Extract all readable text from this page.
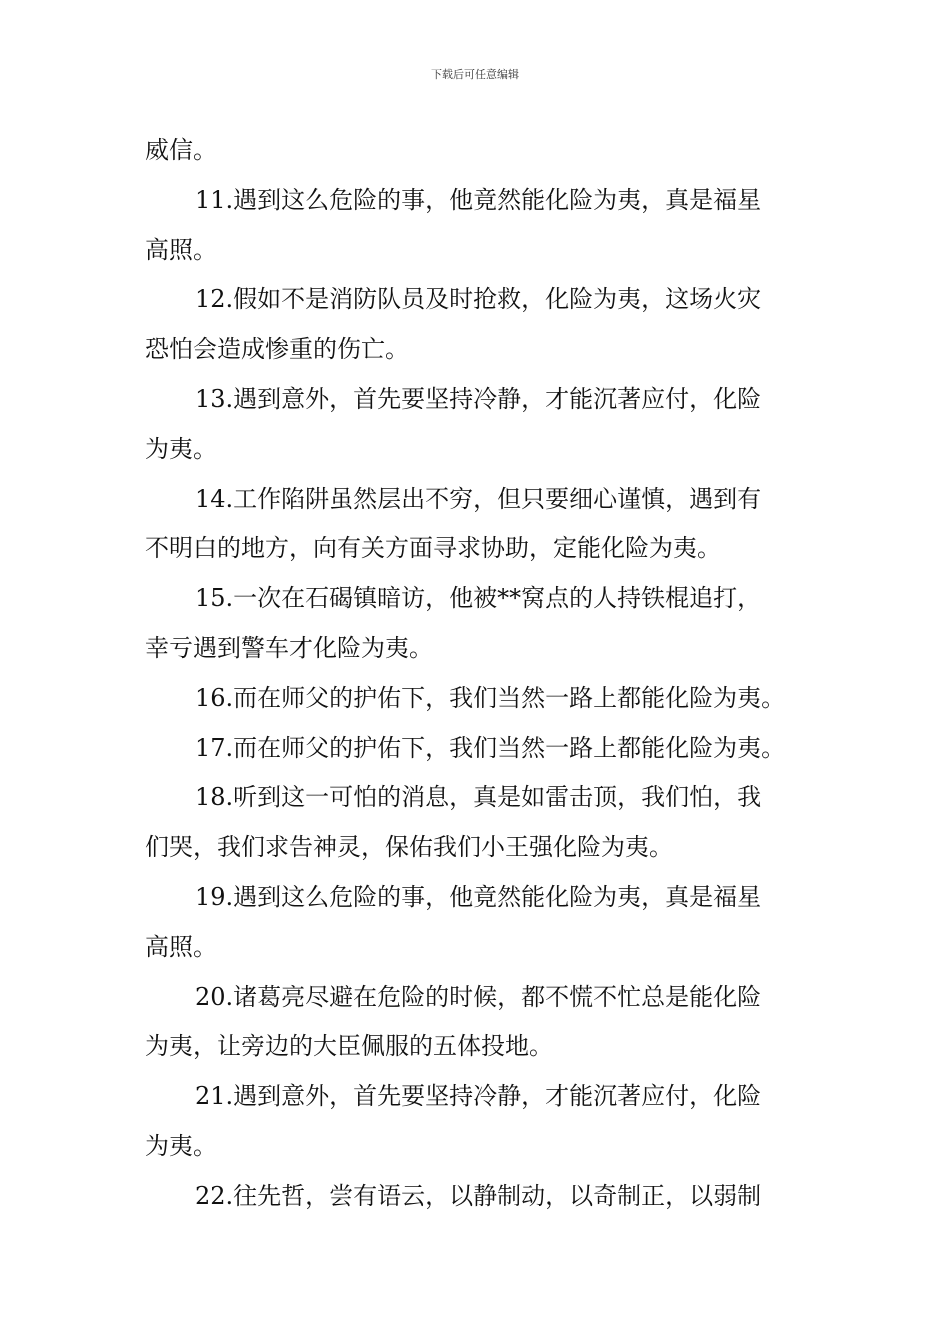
下载后可任意编辑
威信。
11.遇到这么危险的事，他竟然能化险为夷，真是福星
高照。
12.假如不是消防队员及时抢救，化险为夷，这场火灾
恐怕会造成惨重的伤亡。
13.遇到意外，首先要坚持冷静，才能沉著应付，化险
为夷。
14.工作陷阱虽然层出不穷，但只要细心谨慎，遇到有
不明白的地方，向有关方面寻求协助，定能化险为夷。
15.一次在石碣镇暗访，他被**窝点的人持铁棍追打，
幸亏遇到警车才化险为夷。
16.而在师父的护佑下，我们当然一路上都能化险为夷。
17.而在师父的护佑下，我们当然一路上都能化险为夷。
18.听到这一可怕的消息，真是如雷击顶，我们怕，我
们哭，我们求告神灵，保佑我们小王强化险为夷。
19.遇到这么危险的事，他竟然能化险为夷，真是福星
高照。
20.诸葛亮尽避在危险的时候，都不慌不忙总是能化险
为夷，让旁边的大臣佩服的五体投地。
21.遇到意外，首先要坚持冷静，才能沉著应付，化险
为夷。
22.往先哲，尝有语云，以静制动，以奇制正，以弱制
